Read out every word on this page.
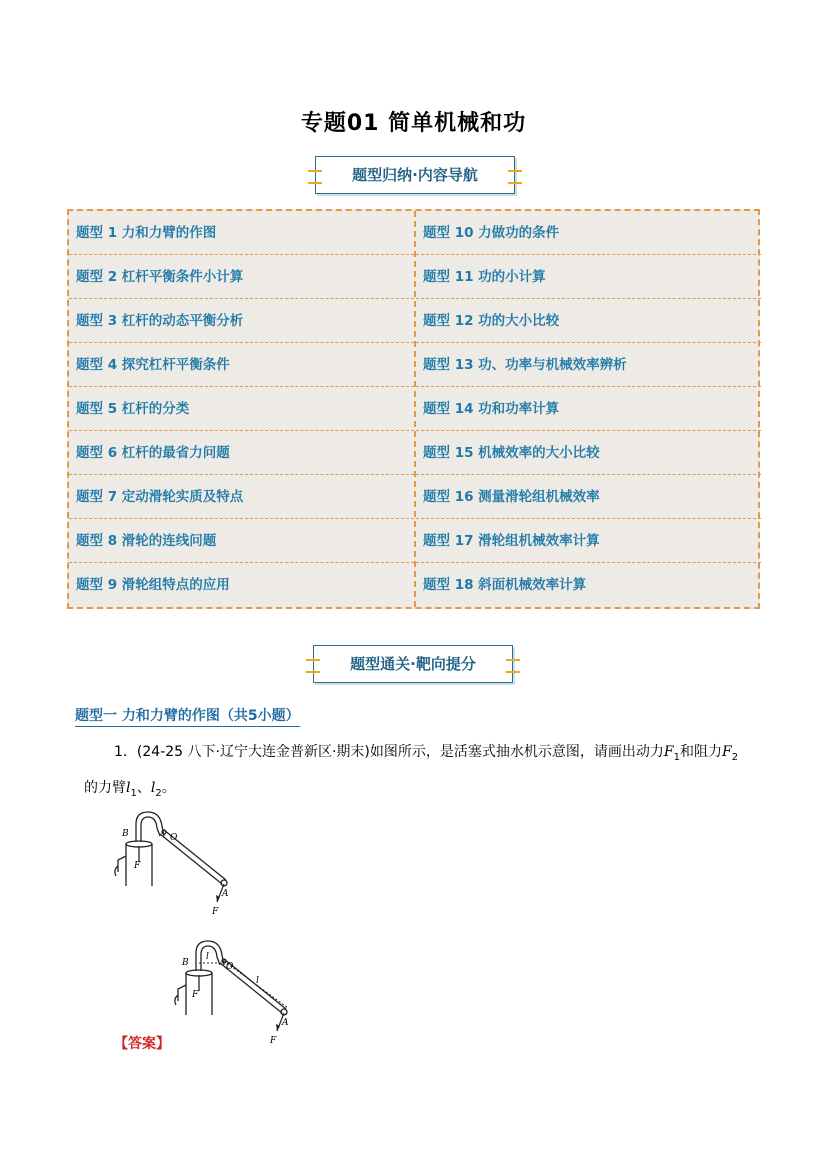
专题01 简单机械和功
题型归纳·内容导航
题型 1 力和力臂的作图
题型 2 杠杆平衡条件小计算
题型 3 杠杆的动态平衡分析
题型 4 探究杠杆平衡条件
题型 5 杠杆的分类
题型 6 杠杆的最省力问题
题型 7 定动滑轮实质及特点
题型 8 滑轮的连线问题
题型 9 滑轮组特点的应用
题型 10 力做功的条件
题型 11 功的小计算
题型 12 功的大小比较
题型 13 功、功率与机械效率辨析
题型 14 功和功率计算
题型 15 机械效率的大小比较
题型 16 测量滑轮组机械效率
题型 17 滑轮组机械效率计算
题型 18 斜面机械效率计算
题型通关·靶向提分
题型一 力和力臂的作图（共5小题）
1．(24-25 八下·辽宁大连金普新区·期末)如图所示，是活塞式抽水机示意图，请画出动力$F_1$和阻力$F_2$
的力臂$l_1$、$l_2$。
B	O
A
F
F
B	O
l
l
A
F
F
【答案】
